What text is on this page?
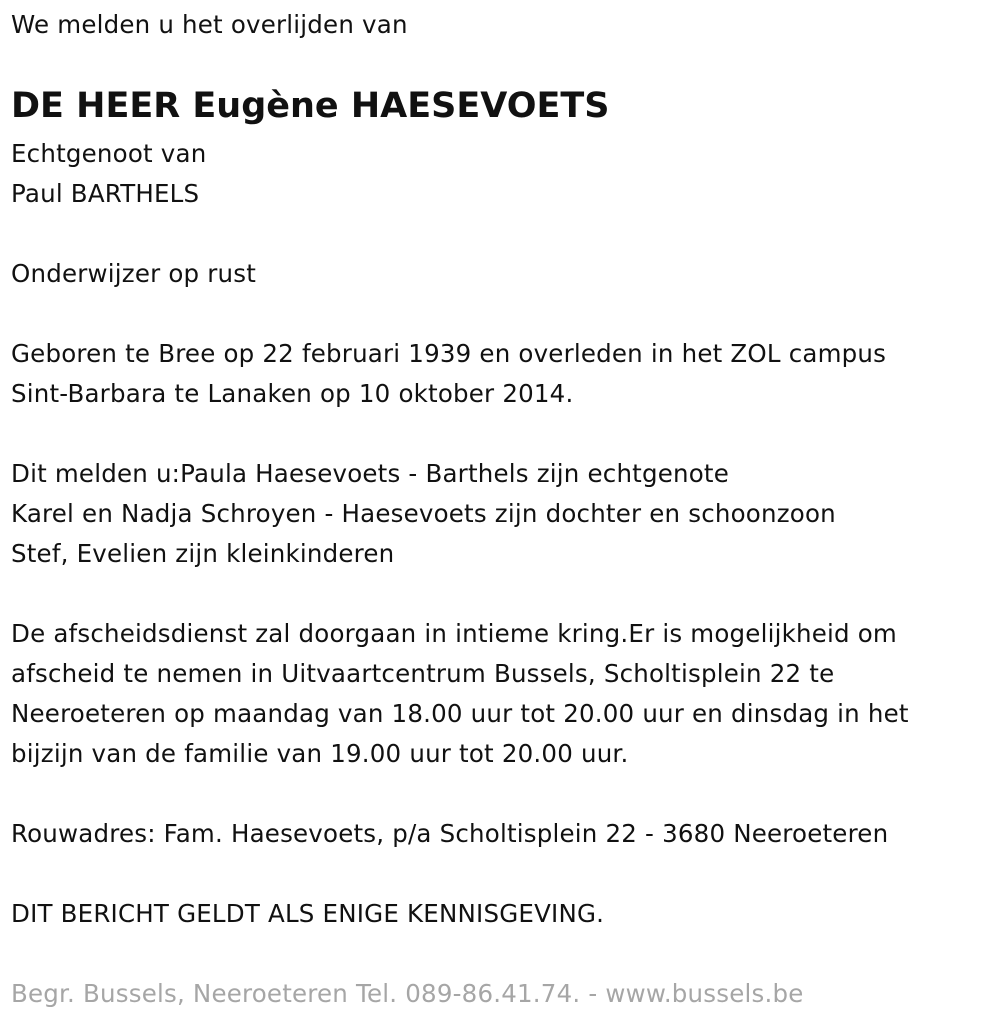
We melden u het overlijden van
DE HEER Eugène HAESEVOETS
Echtgenoot van
Paul BARTHELS
Onderwijzer op rust
Geboren te Bree op 22 februari 1939 en overleden in het ZOL campus
Sint-Barbara te Lanaken op 10 oktober 2014.
Dit melden u:Paula Haesevoets - Barthels zijn echtgenote
Karel en Nadja Schroyen - Haesevoets zijn dochter en schoonzoon
Stef, Evelien zijn kleinkinderen
De afscheidsdienst zal doorgaan in intieme kring.Er is mogelijkheid om
afscheid te nemen in Uitvaartcentrum Bussels, Scholtisplein 22 te
Neeroeteren op maandag van 18.00 uur tot 20.00 uur en dinsdag in het
bijzijn van de familie van 19.00 uur tot 20.00 uur.
Rouwadres: Fam. Haesevoets, p/a Scholtisplein 22 - 3680 Neeroeteren
DIT BERICHT GELDT ALS ENIGE KENNISGEVING.
Begr. Bussels, Neeroeteren Tel. 089-86.41.74. - www.bussels.be
